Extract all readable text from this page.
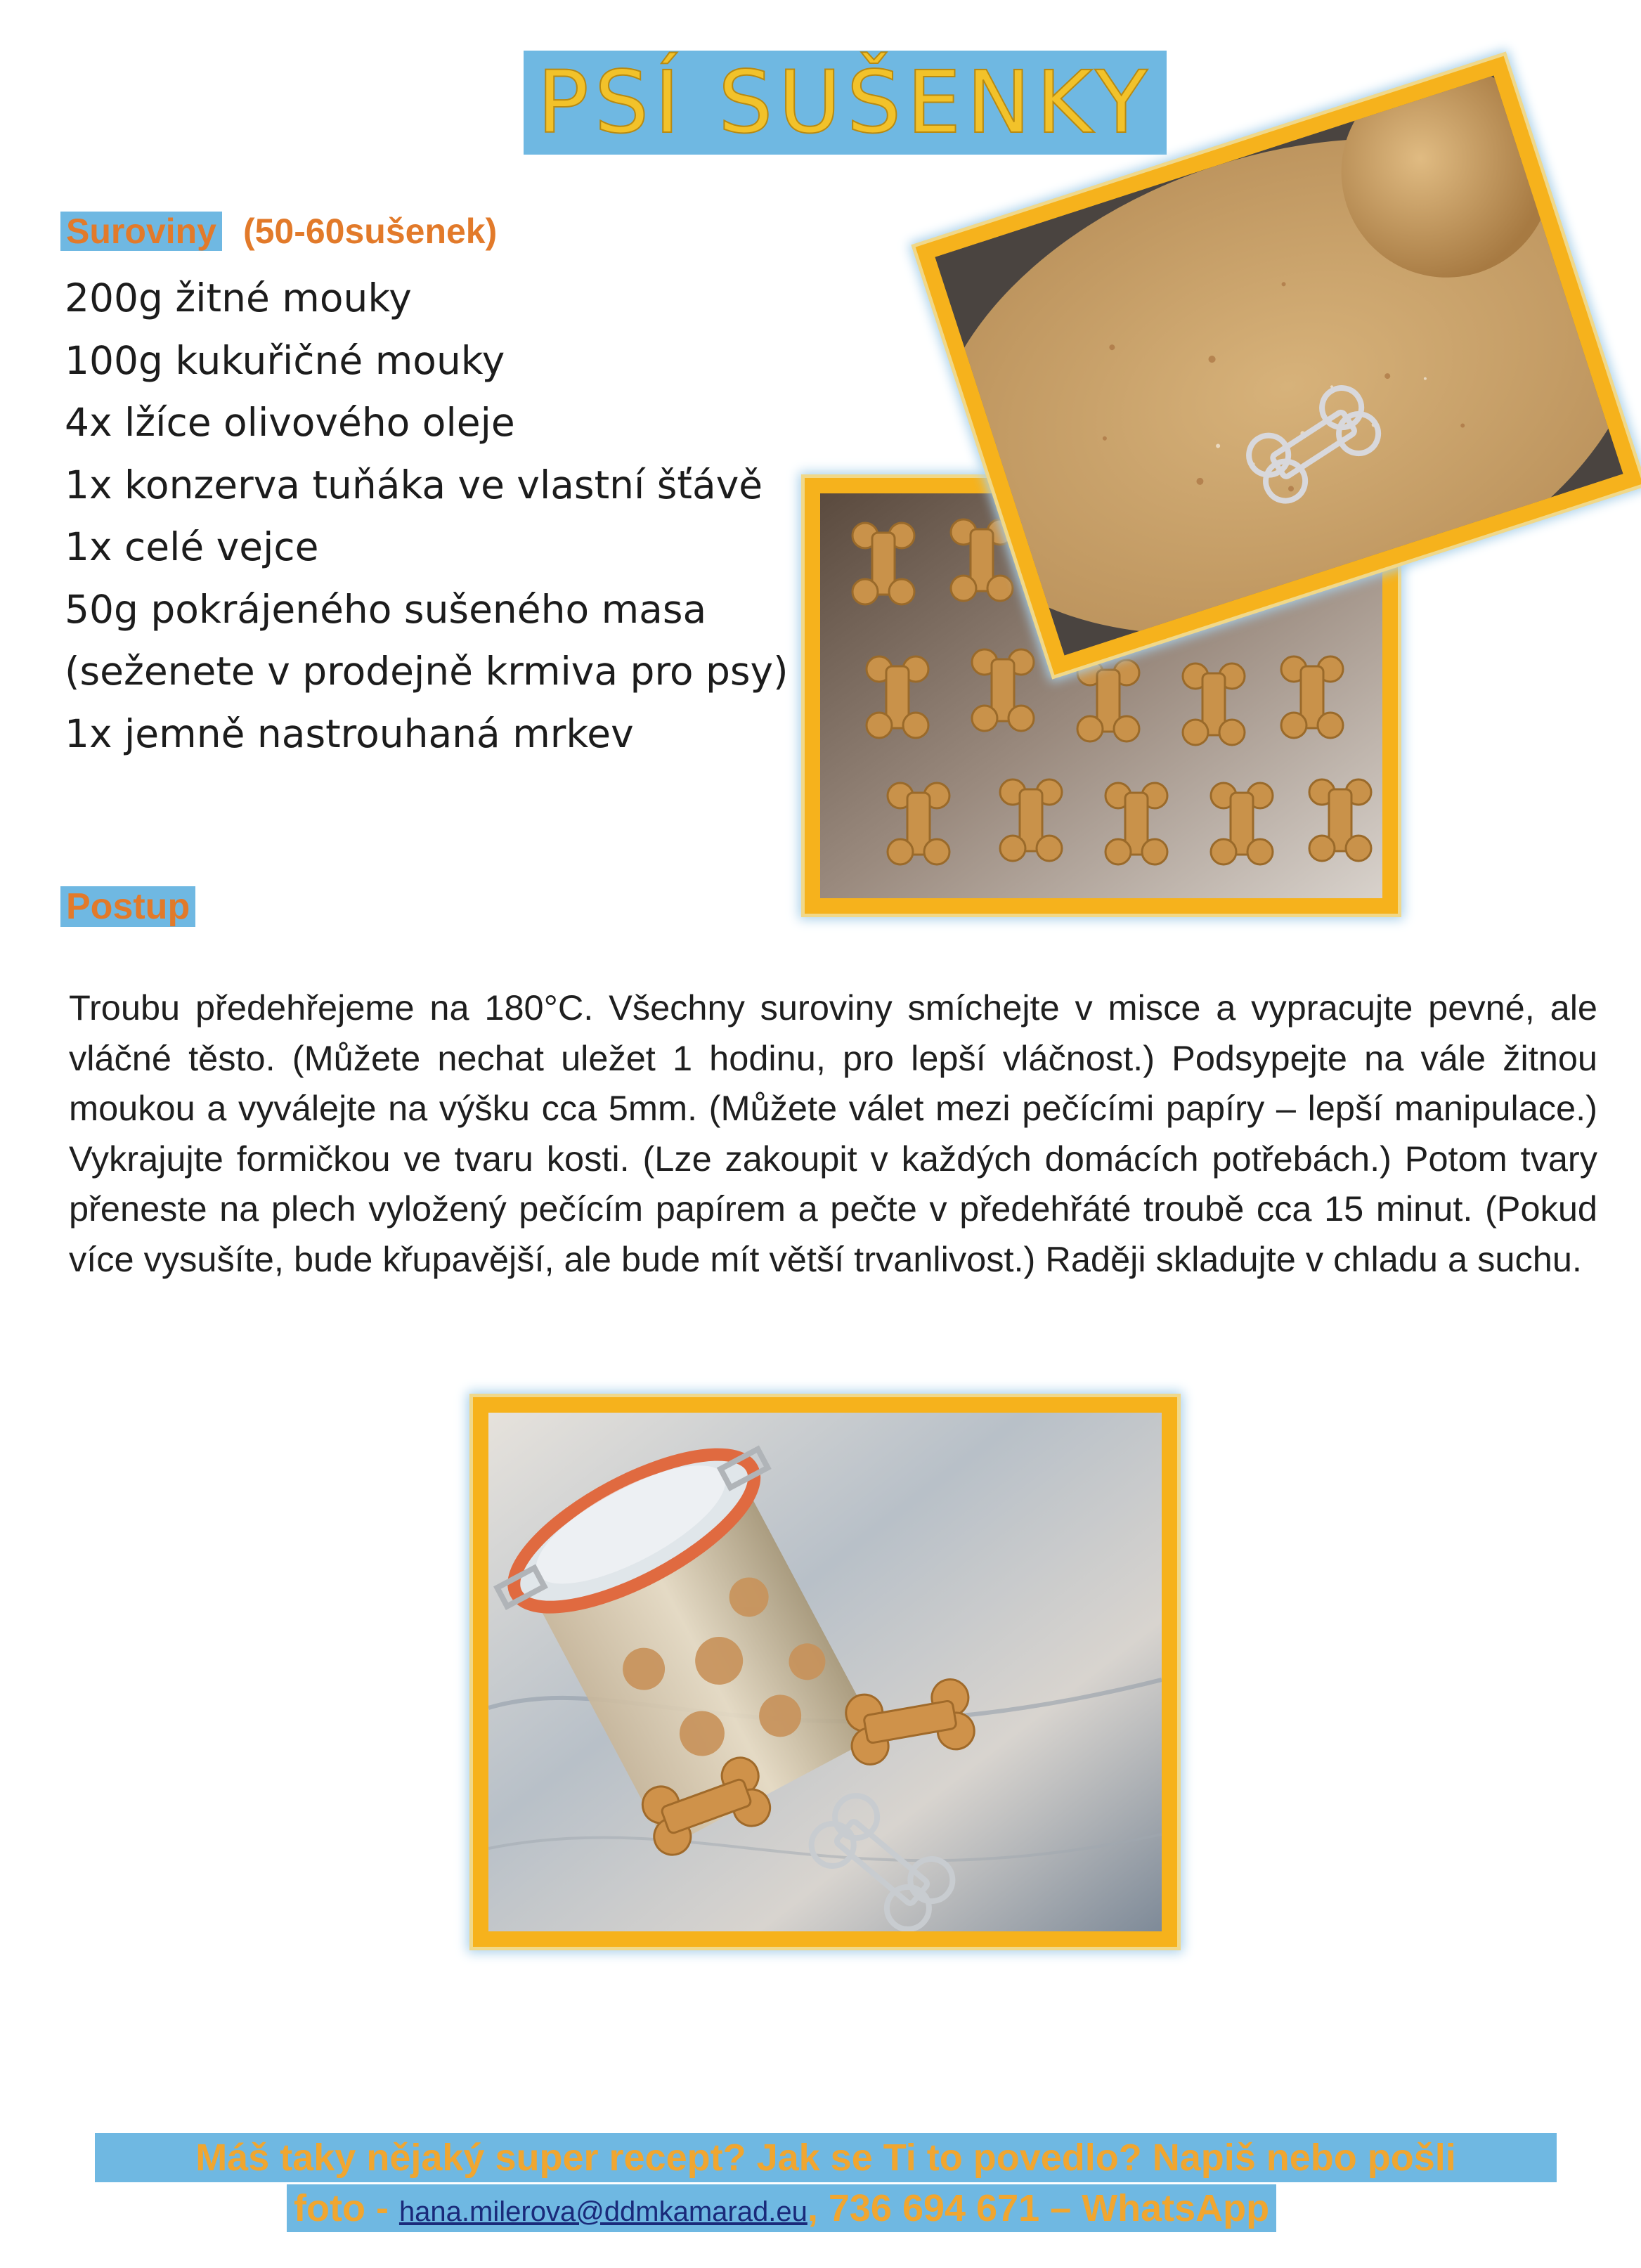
PSÍ SUŠENKY
Suroviny (50-60sušenek)
200g žitné mouky
100g kukuřičné mouky
4x lžíce olivového oleje
1x konzerva tuňáka ve vlastní šťávě
1x celé vejce
50g pokrájeného sušeného masa
(seženete v prodejně krmiva pro psy)
1x jemně nastrouhaná mrkev
Postup
Troubu předehřejeme na 180°C. Všechny suroviny smíchejte v misce a vypracujte pevné, ale vláčné těsto. (Můžete nechat uležet 1 hodinu, pro lepší vláčnost.) Podsypejte na vále žitnou moukou a vyválejte na výšku cca 5mm. (Můžete válet mezi pečícími papíry – lepší manipulace.) Vykrajujte formičkou ve tvaru kosti. (Lze zakoupit v každých domácích potřebách.) Potom tvary přeneste na plech vyložený pečícím papírem a pečte v předehřáté troubě cca 15 minut. (Pokud více vysušíte, bude křupavější, ale bude mít větší trvanlivost.) Raději skladujte v chladu a suchu.
Máš taky nějaký super recept? Jak se Ti to povedlo? Napiš nebo pošli
foto - hana.milerova@ddmkamarad.eu, 736 694 671 – WhatsApp
